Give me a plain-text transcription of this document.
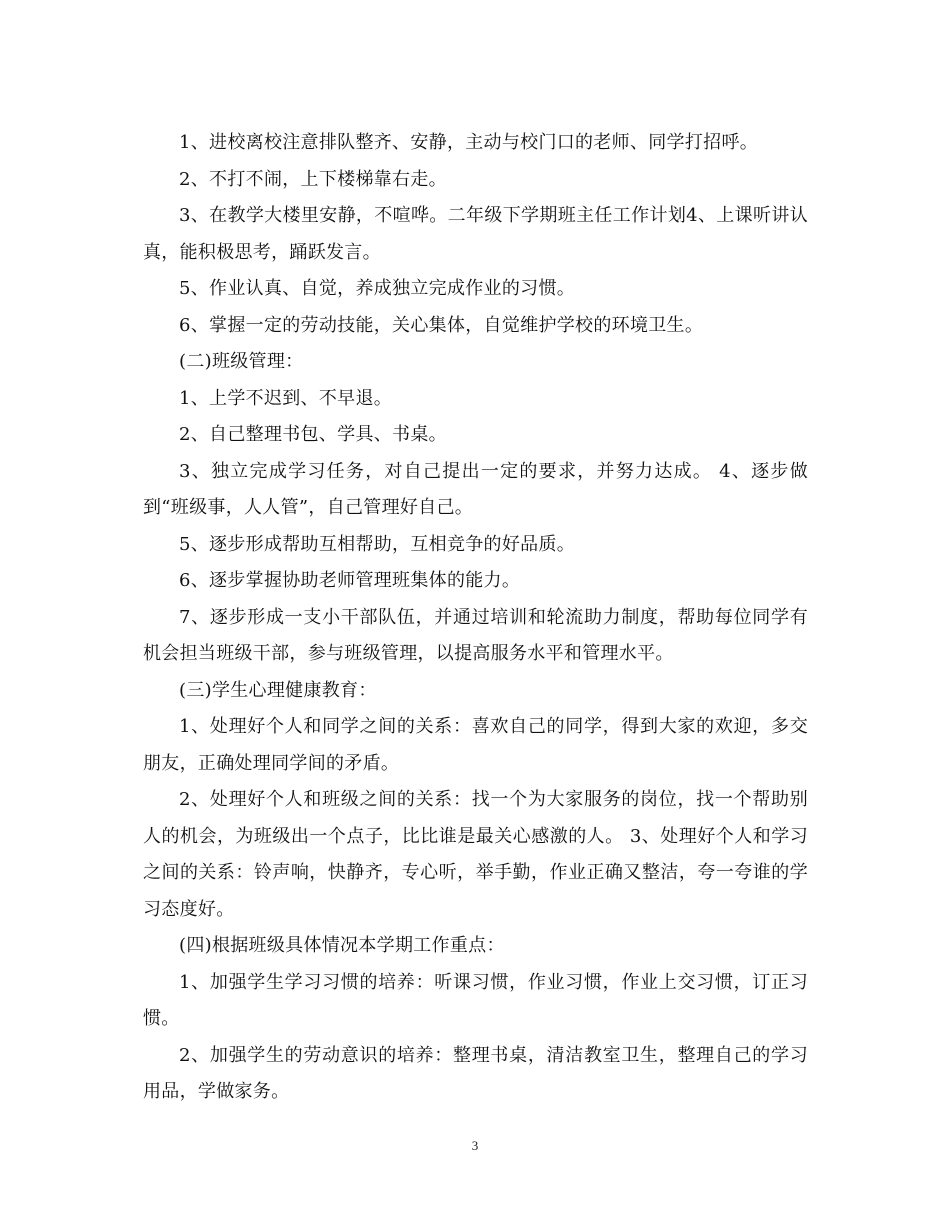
1、进校离校注意排队整齐、安静，主动与校门口的老师、同学打招呼。

2、不打不闹，上下楼梯靠右走。

3、在教学大楼里安静，不喧哗。二年级下学期班主任工作计划4、上课听讲认真，能积极思考，踊跃发言。

5、作业认真、自觉，养成独立完成作业的习惯。

6、掌握一定的劳动技能，关心集体，自觉维护学校的环境卫生。

(二)班级管理：

1、上学不迟到、不早退。

2、自己整理书包、学具、书桌。

3、独立完成学习任务，对自己提出一定的要求，并努力达成。 4、逐步做到“班级事，人人管”，自己管理好自己。

5、逐步形成帮助互相帮助，互相竞争的好品质。

6、逐步掌握协助老师管理班集体的能力。

7、逐步形成一支小干部队伍，并通过培训和轮流助力制度，帮助每位同学有机会担当班级干部，参与班级管理，以提高服务水平和管理水平。

(三)学生心理健康教育：

1、处理好个人和同学之间的关系：喜欢自己的同学，得到大家的欢迎，多交朋友，正确处理同学间的矛盾。

2、处理好个人和班级之间的关系：找一个为大家服务的岗位，找一个帮助别人的机会，为班级出一个点子，比比谁是最关心感激的人。 3、处理好个人和学习之间的关系：铃声响，快静齐，专心听，举手勤，作业正确又整洁，夸一夸谁的学习态度好。

(四)根据班级具体情况本学期工作重点：

1、加强学生学习习惯的培养：听课习惯，作业习惯，作业上交习惯，订正习惯。

2、加强学生的劳动意识的培养：整理书桌，清洁教室卫生，整理自己的学习用品，学做家务。

3
